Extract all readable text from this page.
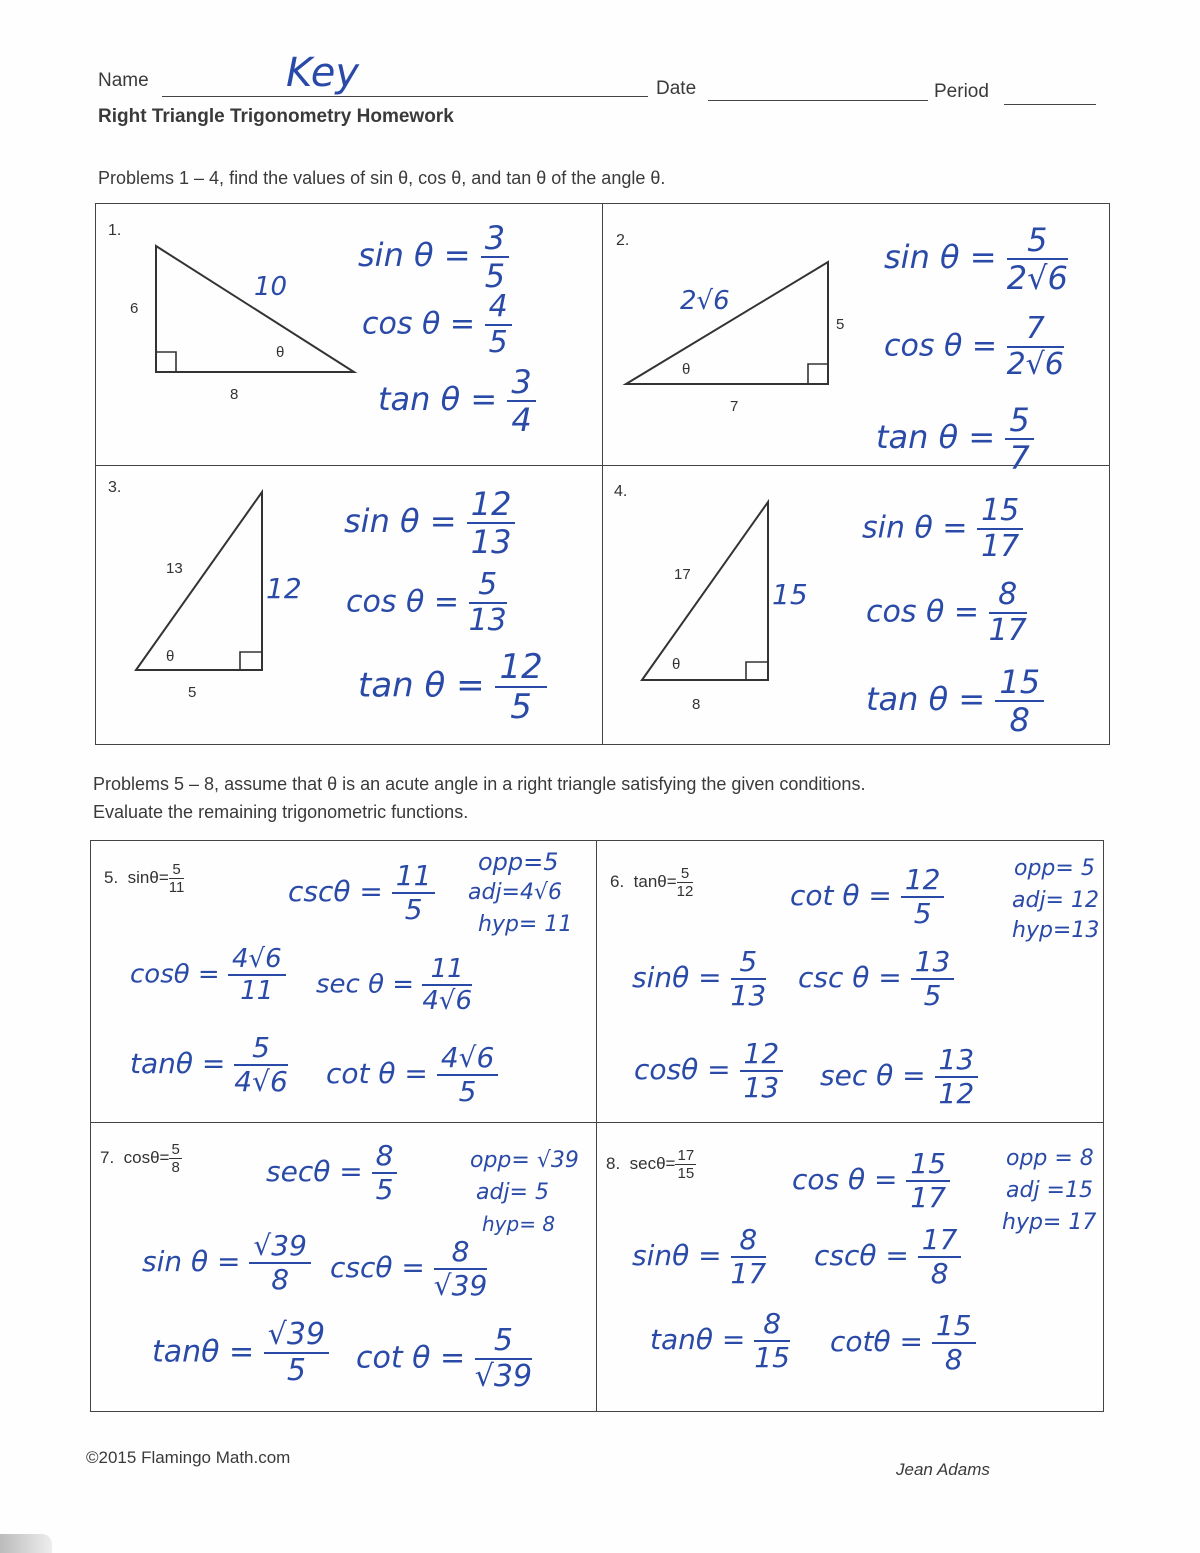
Name	Key	Date	Period
Right Triangle Trigonometry Homework
Problems 1 – 4, find the values of sin θ, cos θ, and tan θ of the angle θ.
1.
6
10
8
θ
$\sin \theta = \frac{3}{5}$
$\cos \theta = \frac{4}{5}$
$\tan \theta = \frac{3}{4}$
2.
2√6
5
7
θ
$\sin \theta = \frac{5}{2√6}$
$\cos \theta = \frac{7}{2√6}$
$\tan \theta = \frac{5}{7}$
3.
13
12
5
θ
$\sin \theta = \frac{12}{13}$
$\cos \theta = \frac{5}{13}$
$\tan \theta = \frac{12}{5}$
4.
17
15
8
θ
$\sin \theta = \frac{15}{17}$
$\cos \theta = \frac{8}{17}$
$\tan \theta = \frac{15}{8}$
Problems 5 – 8, assume that θ is an acute angle in a right triangle satisfying the given conditions.
Evaluate the remaining trigonometric functions.
5. $\sin\theta= \frac{5}{11}$	$\csc\theta = \frac{11}{5} opp=5$
adj=4√6
hyp= 11
$\cos\theta = \frac{4√6}{11}$ $\sec \theta = \frac{11}{4√6}$
$\tan\theta = \frac{5}{4√6}$ $\cot \theta = \frac{4√6}{5}$
6. $\tan\theta= \frac{5}{12}$	$\cot \theta = \frac{12}{5}$	opp= 5
adj= 12
hyp=13
$\sin\theta = \frac{5}{13}$ $\csc \theta = \frac{13}{5}$
$\cos\theta = \frac{12}{13}$ $\sec \theta = \frac{13}{12}$
7. $\cos\theta= \frac{5}{8}$	$\sec\theta = \frac{8}{5}$	opp= √39
adj= 5
hyp= 8
$\sin \theta = \frac{√39}{8}$ $\csc\theta = \frac{8}{√39}$
$\tan\theta = \frac{√39}{5}$ $\cot \theta = \frac{5}{√39}$
8. $\sec\theta= \frac{17}{15}$	$\cos \theta = \frac{15}{17}$	opp = 8
adj =15
hyp= 17
$\sin\theta = \frac{8}{17}$ $\csc\theta = \frac{17}{8}$
$\tan\theta = \frac{8}{15}$ $\cot\theta = \frac{15}{8}$
©2015 Flamingo Math.com
Jean Adams
